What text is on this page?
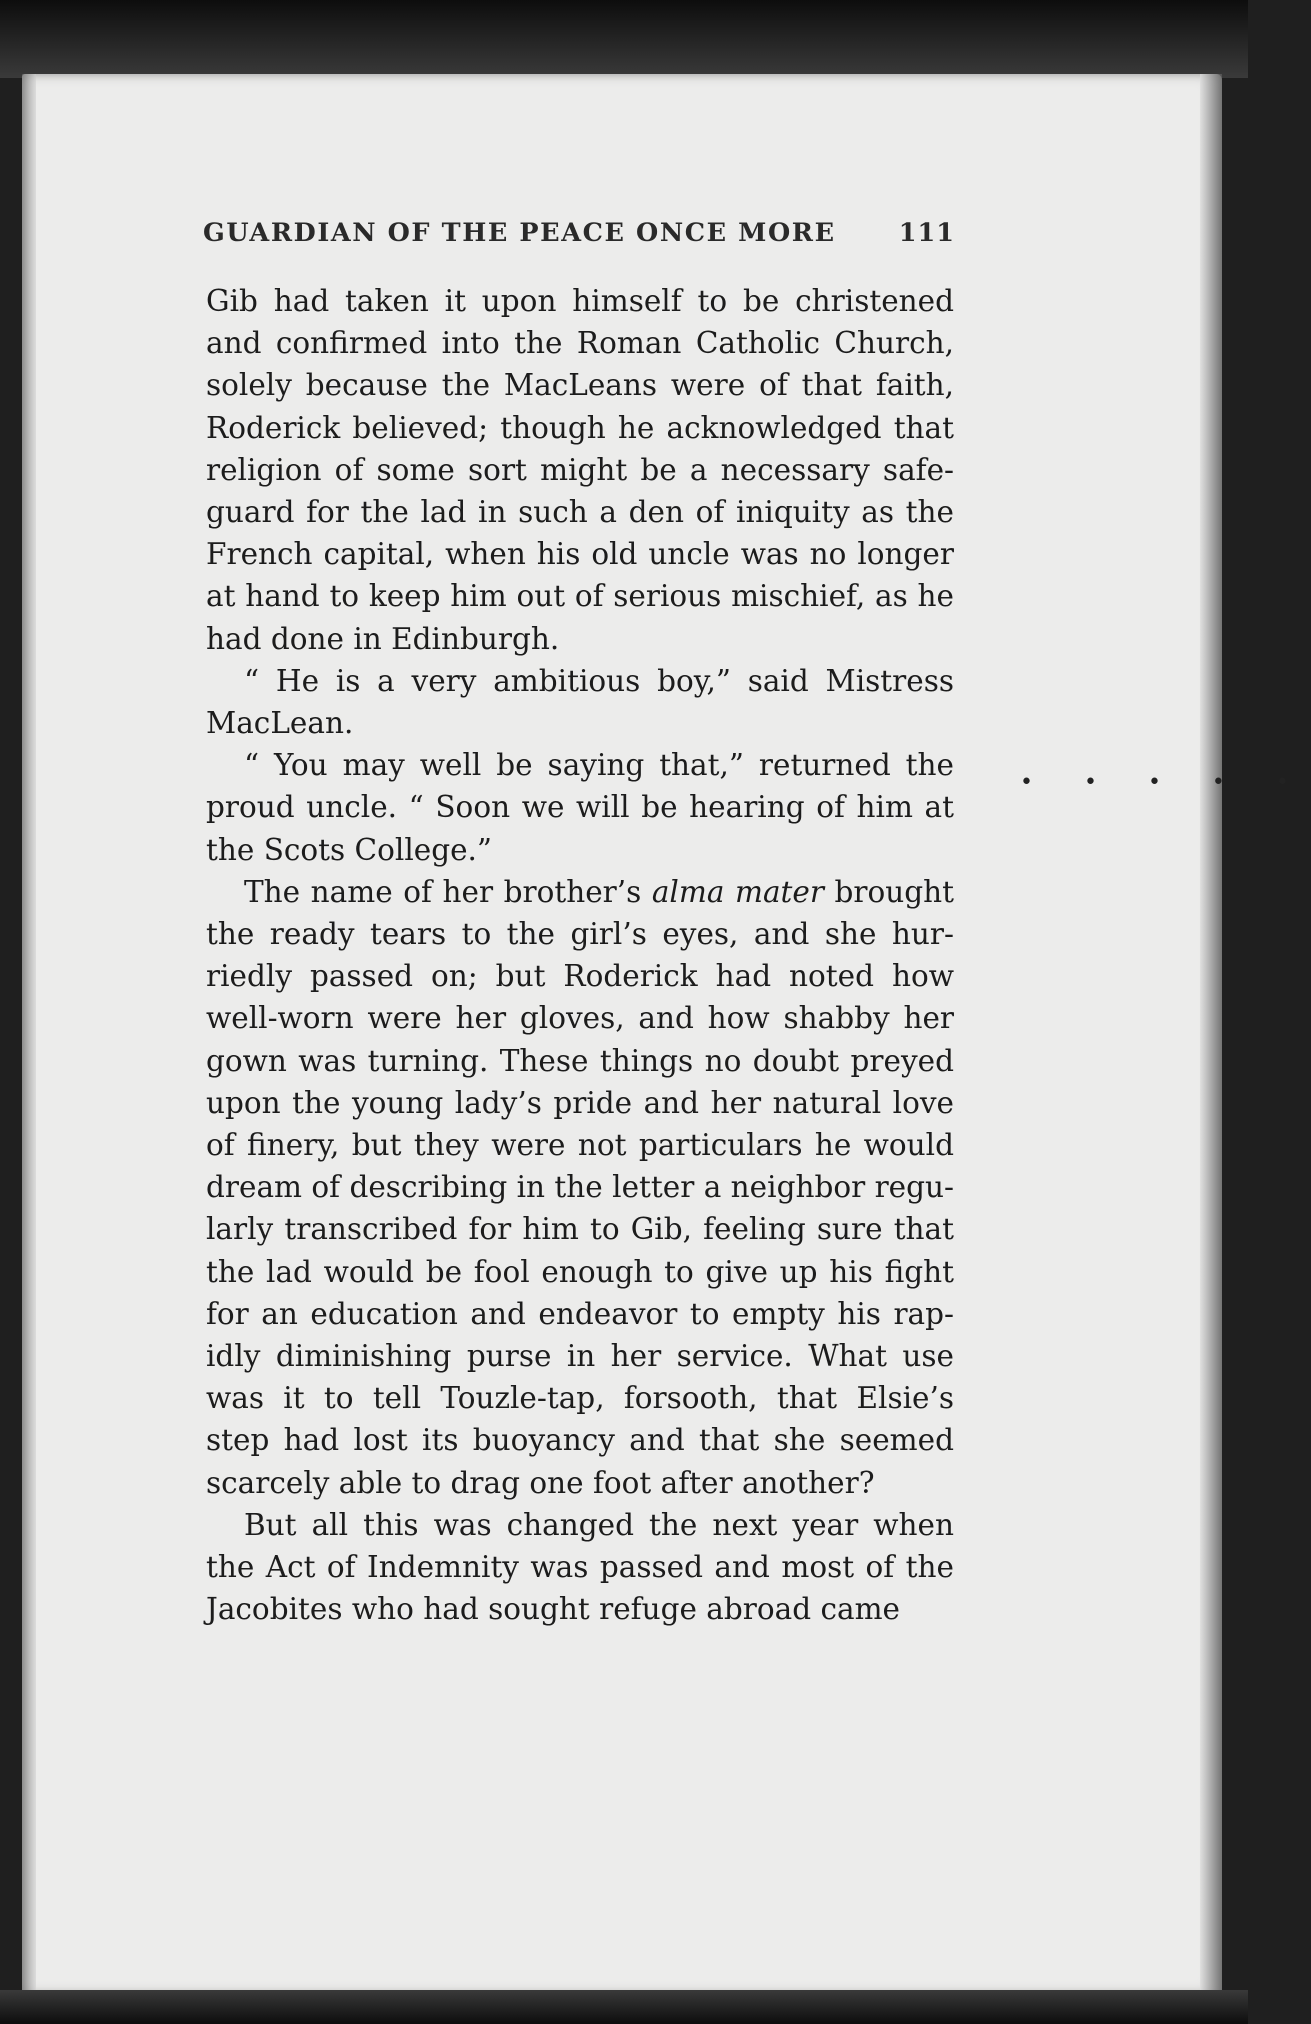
GUARDIAN OF THE PEACE ONCE MORE 111

Gib had taken it upon himself to be christened and confirmed into the Roman Catholic Church, solely because the MacLeans were of that faith, Roderick believed; though he acknowledged that religion of some sort might be a necessary safe-guard for the lad in such a den of iniquity as the French capital, when his old uncle was no longer at hand to keep him out of serious mischief, as he had done in Edinburgh.

“ He is a very ambitious boy,” said Mistress MacLean.

“ You may well be saying that,” returned the proud uncle. “ Soon we will be hearing of him at the Scots College.”

The name of her brother’s alma mater brought the ready tears to the girl’s eyes, and she hur-riedly passed on; but Roderick had noted how well-worn were her gloves, and how shabby her gown was turning. These things no doubt preyed upon the young lady’s pride and her natural love of finery, but they were not particulars he would dream of describing in the letter a neighbor regu-larly transcribed for him to Gib, feeling sure that the lad would be fool enough to give up his fight for an education and endeavor to empty his rap-idly diminishing purse in her service. What use was it to tell Touzle-tap, forsooth, that Elsie’s step had lost its buoyancy and that she seemed scarcely able to drag one foot after another?

But all this was changed the next year when the Act of Indemnity was passed and most of the Jacobites who had sought refuge abroad came

• • • • •
